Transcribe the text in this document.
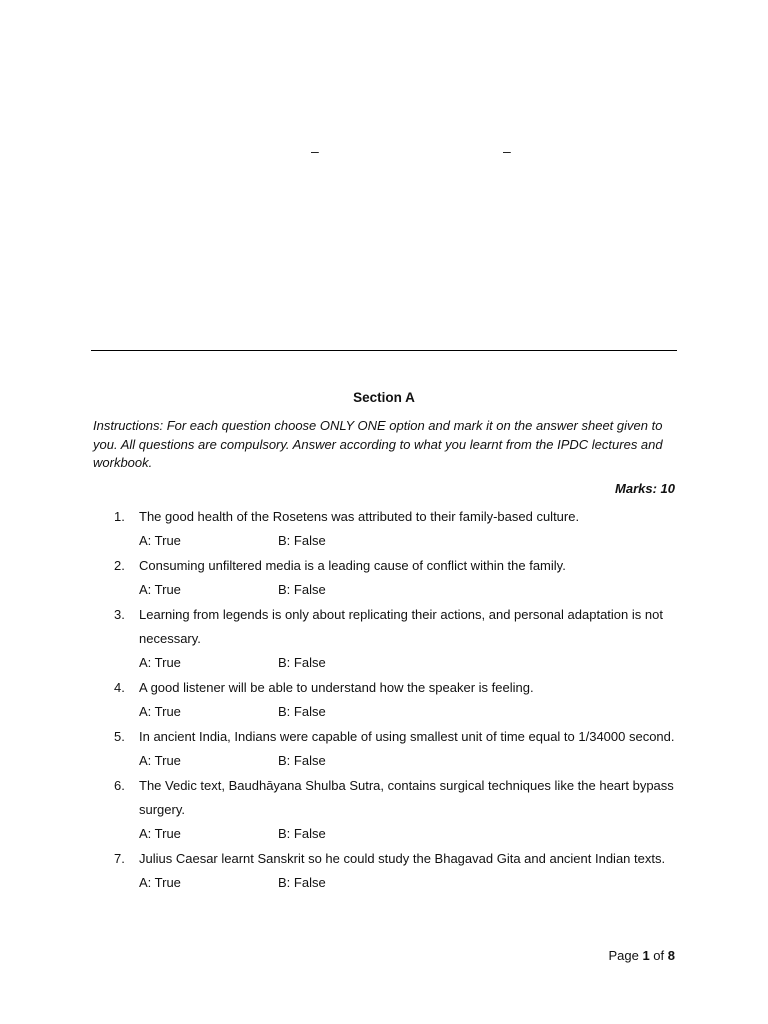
–	–
Section A
Instructions: For each question choose ONLY ONE option and mark it on the answer sheet given to you. All questions are compulsory. Answer according to what you learnt from the IPDC lectures and workbook.
Marks: 10
1.	The good health of the Rosetens was attributed to their family-based culture.
A: True	B: False
2.	Consuming unfiltered media is a leading cause of conflict within the family.
A: True	B: False
3.	Learning from legends is only about replicating their actions, and personal adaptation is not necessary.
A: True	B: False
4.	A good listener will be able to understand how the speaker is feeling.
A: True	B: False
5.	In ancient India, Indians were capable of using smallest unit of time equal to 1/34000 second.
A: True	B: False
6.	The Vedic text, Baudhāyana Shulba Sutra, contains surgical techniques like the heart bypass surgery.
A: True	B: False
7.	Julius Caesar learnt Sanskrit so he could study the Bhagavad Gita and ancient Indian texts.
A: True	B: False
Page 1 of 8
